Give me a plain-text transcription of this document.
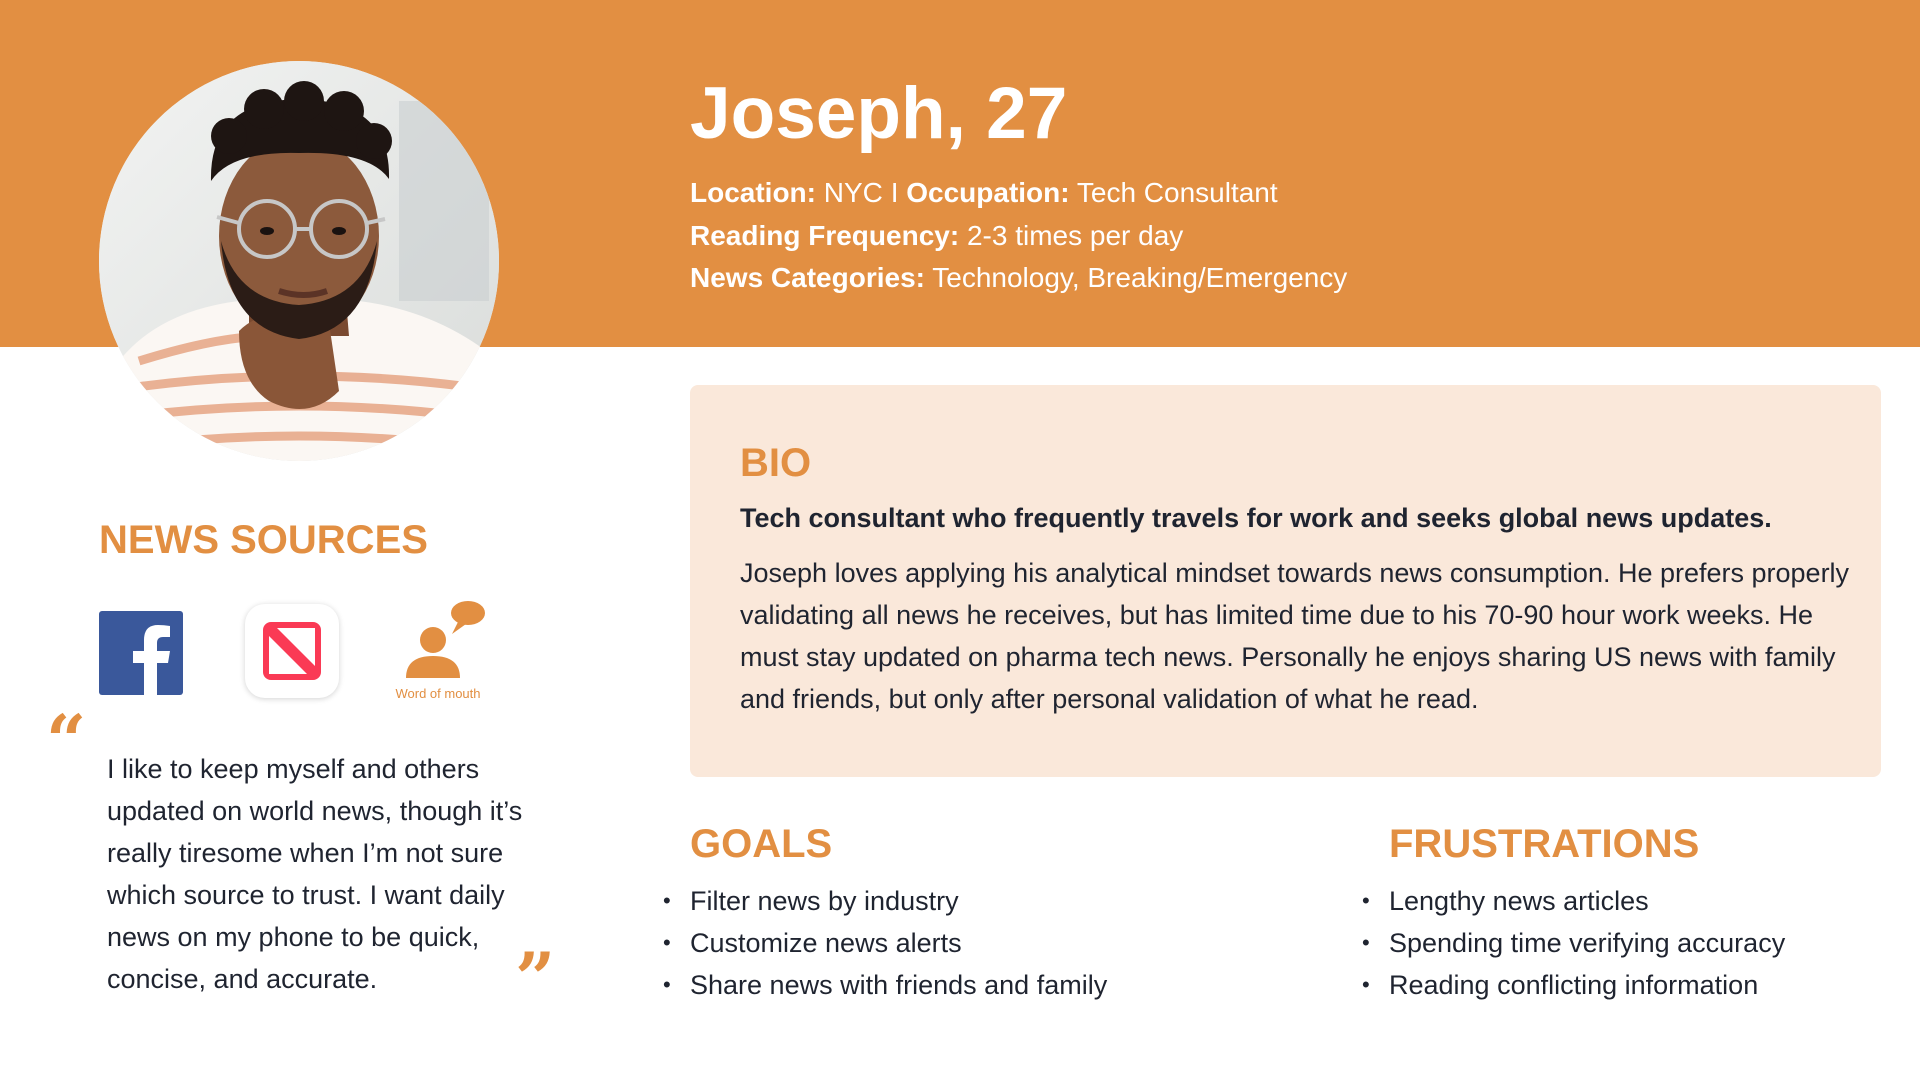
Joseph, 27
Location: NYC I Occupation: Tech Consultant
Reading Frequency: 2-3 times per day
News Categories: Technology, Breaking/Emergency
NEWS SOURCES
Word of mouth
“ I like to keep myself and others updated on world news, though it’s really tiresome when I’m not sure which source to trust. I want daily news on my phone to be quick, concise, and accurate.	”
BIO

Tech consultant who frequently travels for work and seeks global news updates.

Joseph loves applying his analytical mindset towards news consumption. He prefers properly validating all news he receives, but has limited time due to his 70-90 hour work weeks. He must stay updated on pharma tech news. Personally he enjoys sharing US news with family and friends, but only after personal validation of what he read.

GOALS
• Filter news by industry
• Customize news alerts
• Share news with friends and family
FRUSTRATIONS
• Lengthy news articles
• Spending time verifying accuracy
• Reading conflicting information
